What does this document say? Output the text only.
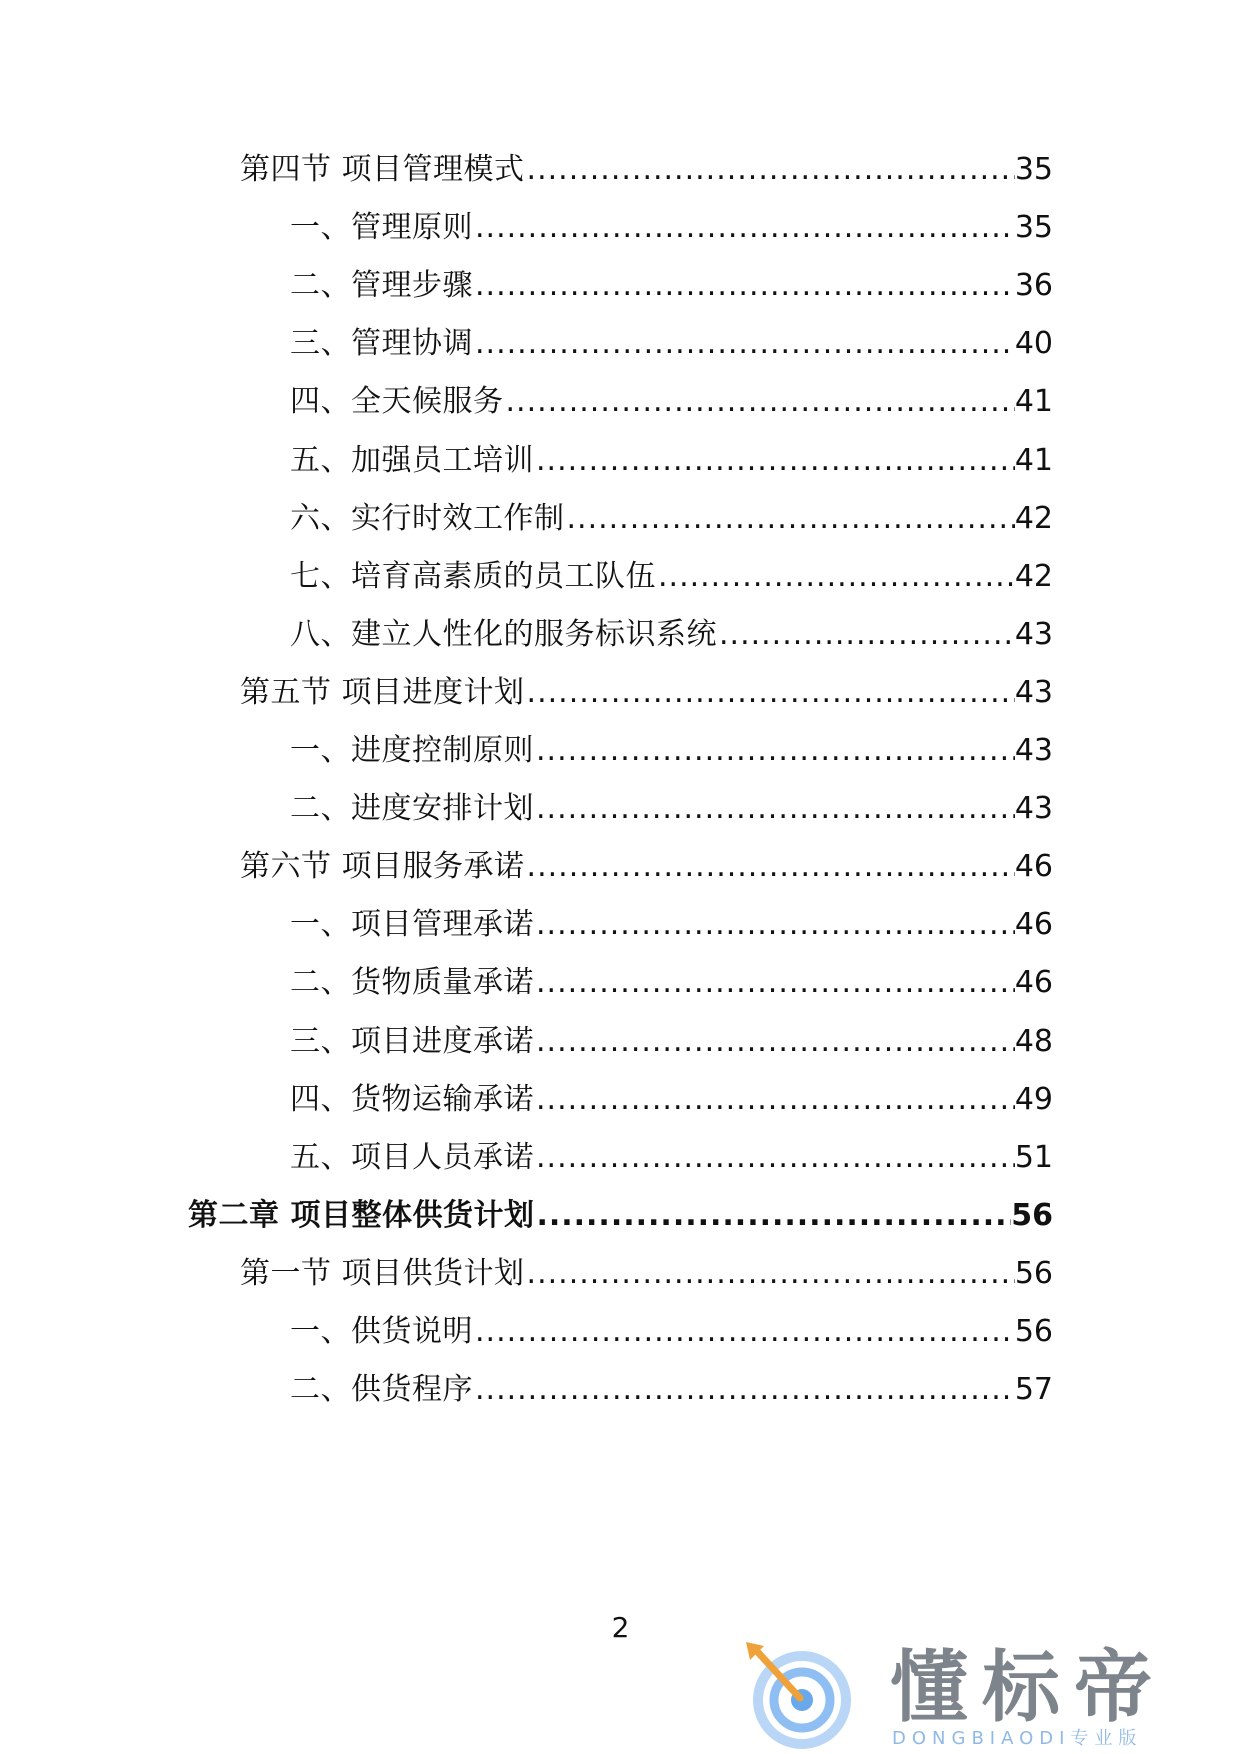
第四节 项目管理模式 .....	35
一、管理原则 .....	35
二、管理步骤 .....	36
三、管理协调 .....	40
四、全天候服务 .....	41
五、加强员工培训 .....	41
六、实行时效工作制 .....	42
七、培育高素质的员工队伍 .....	42
八、建立人性化的服务标识系统 .....	43
第五节 项目进度计划 .....	43
一、进度控制原则 .....	43
二、进度安排计划 .....	43
第六节 项目服务承诺 .....	46
一、项目管理承诺 .....	46
二、货物质量承诺 .....	46
三、项目进度承诺 .....	48
四、货物运输承诺 .....	49
五、项目人员承诺 .....	51
第二章 项目整体供货计划 .....	56
第一节 项目供货计划 .....	56
一、供货说明 .....	56
二、供货程序 .....	57
2
懂标帝
DONGBIAODI专业版
